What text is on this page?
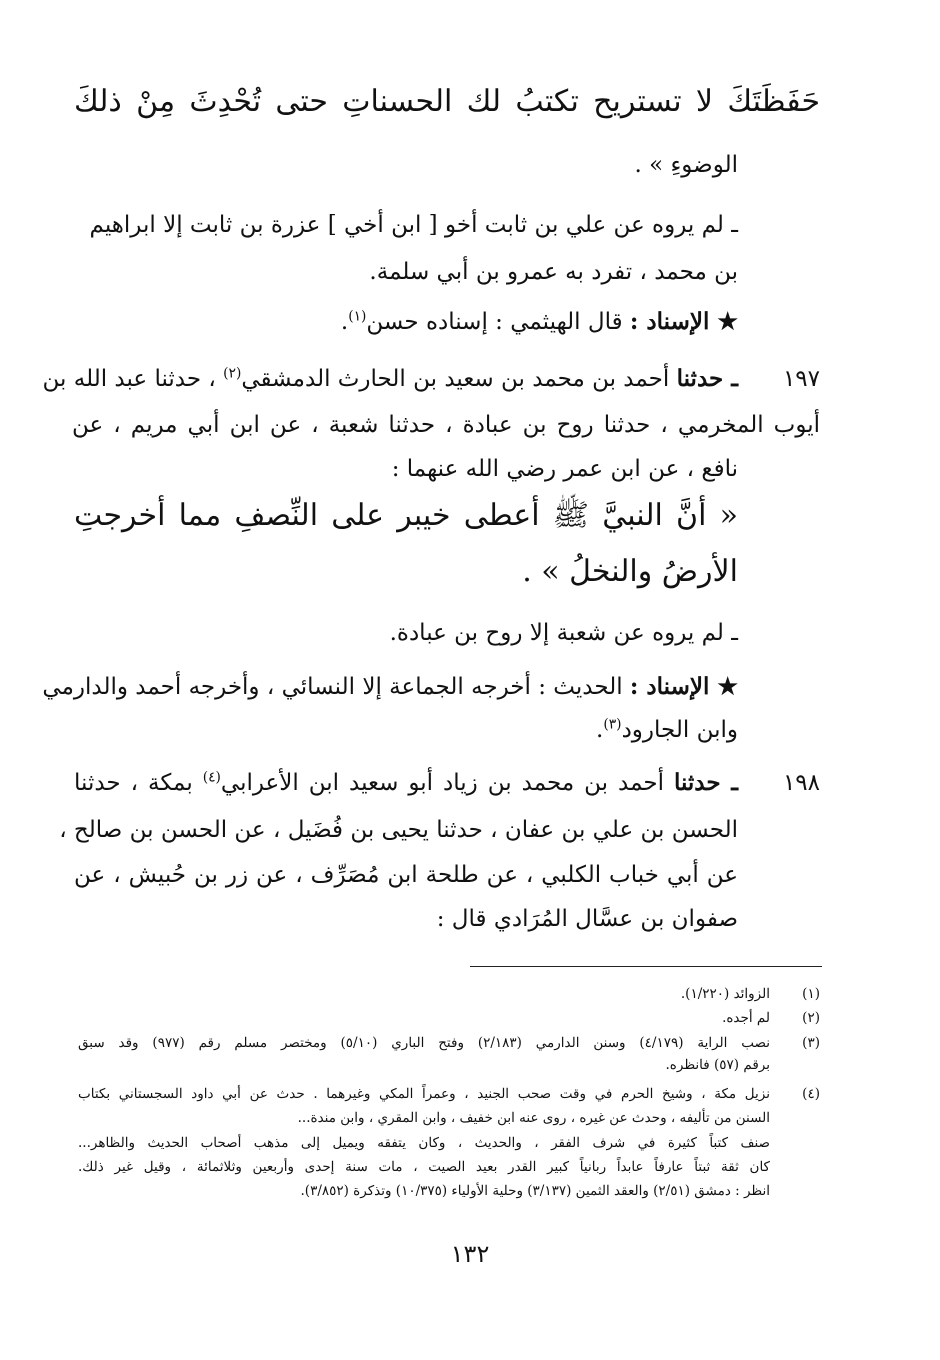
حَفَظَتَكَ لا تستريح تكتبُ لك الحسناتِ حتى تُحْدِثَ مِنْ ذلكَ
الوضوءِ » .
ـ لم يروه عن علي بن ثابت أخو [ ابن أخي ] عزرة بن ثابت إلا ابراهيم
بن محمد ، تفرد به عمرو بن أبي سلمة.
★ الإسناد : قال الهيثمي : إسناده حسن$^{(١)}$.
١٩٧
ـ حدثنا أحمد بن محمد بن سعيد بن الحارث الدمشقي$^{(٢)}$ ، حدثنا عبد الله بن
أيوب المخرمي ، حدثنا روح بن عبادة ، حدثنا شعبة ، عن ابن أبي مريم ، عن
نافع ، عن ابن عمر رضي الله عنهما :
« أنَّ النبيَّ ﷺ أعطى خيبر على النِّصفِ مما أخرجتِ
الأرضُ والنخلُ » .
ـ لم يروه عن شعبة إلا روح بن عبادة.
★ الإسناد : الحديث : أخرجه الجماعة إلا النسائي ، وأخرجه أحمد والدارمي
وابن الجارود$^{(٣)}$.
١٩٨
ـ حدثنا أحمد بن محمد بن زياد أبو سعيد ابن الأعرابي$^{(٤)}$ بمكة ، حدثنا
الحسن بن علي بن عفان ، حدثنا يحيى بن فُضَيل ، عن الحسن بن صالح ،
عن أبي خباب الكلبي ، عن طلحة ابن مُصَرِّف ، عن زر بن حُبيش ، عن
صفوان بن عسَّال المُرَادي قال :
(١)
الزوائد (١/٢٢٠).
(٢)
لم أجده.
(٣)
نصب الراية (٤/١٧٩) وسنن الدارمي (٢/١٨٣) وفتح الباري (٥/١٠) ومختصر مسلم رقم (٩٧٧) وقد سبق
برقم (٥٧) فانظره.
(٤)
نزيل مكة ، وشيخ الحرم في وقت صحب الجنيد ، وعمراً المكي وغيرهما . حدث عن أبي داود السجستاني بكتاب
السنن من تأليفه ، وحدث عن غيره ، روى عنه ابن خفيف ، وابن المقري ، وابن مندة...
صنف كتباً كثيرة في شرف الفقر ، والحديث ، وكان يتفقه ويميل إلى مذهب أصحاب الحديث والظاهر...
كان ثقة ثبتاً عارفاً عابداً ربانياً كبير القدر بعيد الصيت ، مات سنة إحدى وأربعين وثلاثمائة ، وقيل غير ذلك.
انظر : دمشق (٢/٥١) والعقد الثمين (٣/١٣٧) وحلية الأولياء (١٠/٣٧٥) وتذكرة (٣/٨٥٢).
١٣٢
